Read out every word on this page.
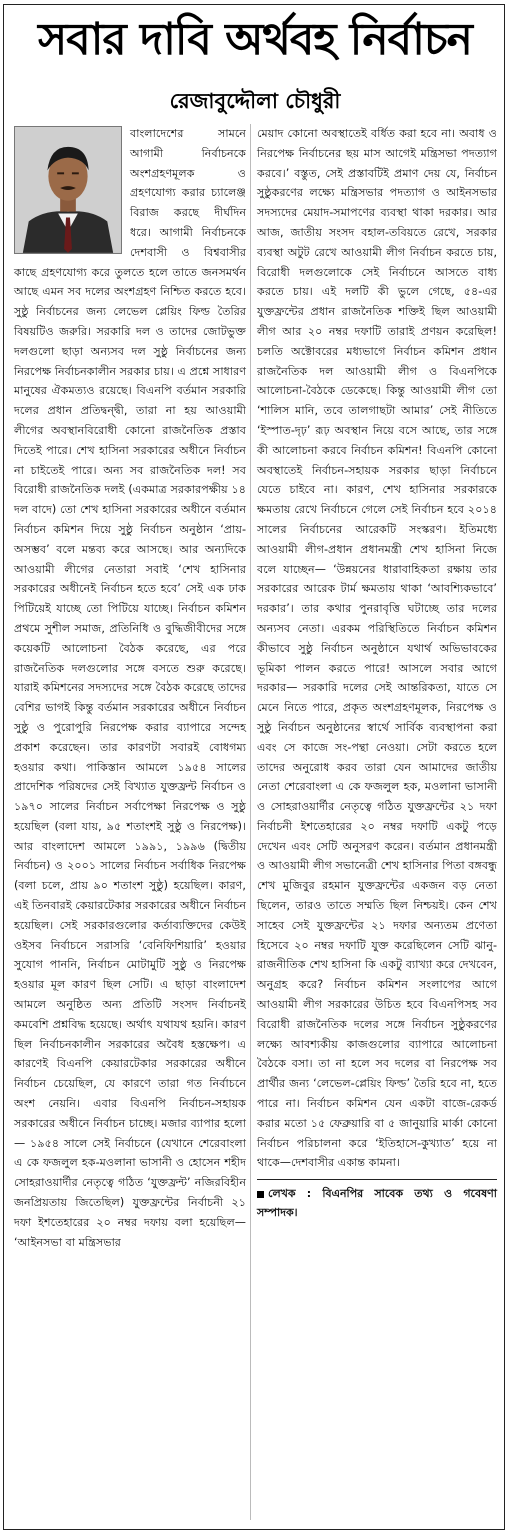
সবার দাবি অর্থবহ নির্বাচন
রেজাবুদ্দৌলা চৌধুরী

বাংলাদেশের সামনে আগামী নির্বাচনকে অংশগ্রহণমূলক ও গ্রহণযোগ্য করার চ্যালেঞ্জ বিরাজ করছে দীর্ঘদিন ধরে। আগামী নির্বাচনকে দেশবাসী ও বিশ্ববাসীর কাছে গ্রহণযোগ্য করে তুলতে হলে তাতে জনসমর্থন আছে এমন সব দলের অংশগ্রহণ নিশ্চিত করতে হবে। সুষ্ঠু নির্বাচনের জন্য লেভেল প্লেয়িং ফিল্ড তৈরির বিষয়টিও জরুরি। সরকারি দল ও তাদের জোটভুক্ত দলগুলো ছাড়া অন্যসব দল সুষ্ঠু নির্বাচনের জন্য নিরপেক্ষ নির্বাচনকালীন সরকার চায়। এ প্রশ্নে সাধারণ মানুষের ঐকমত্যও রয়েছে। বিএনপি বর্তমান সরকারি দলের প্রধান প্রতিদ্বন্দ্বী, তারা না হয় আওয়ামী লীগের অবস্থানবিরোধী কোনো রাজনৈতিক প্রস্তাব দিতেই পারে। শেখ হাসিনা সরকারের অধীনে নির্বাচন না চাইতেই পারে। অন্য সব রাজনৈতিক দল! সব বিরোধী রাজনৈতিক দলই (একমাত্র সরকারপক্ষীয় ১৪ দল বাদে) তো শেখ হাসিনা সরকারের অধীনে বর্তমান নির্বাচন কমিশন দিয়ে সুষ্ঠু নির্বাচন অনুষ্ঠান ‘প্রায়-অসম্ভব’ বলে মন্তব্য করে আসছে। আর অন্যদিকে আওয়ামী লীগের নেতারা সবাই ‘শেখ হাসিনার সরকারের অধীনেই নির্বাচন হতে হবে’ সেই এক ঢাক পিটিয়েই যাচ্ছে তো পিটিয়ে যাচ্ছে। নির্বাচন কমিশন প্রথমে সুশীল সমাজ, প্রতিনিধি ও বুদ্ধিজীবীদের সঙ্গে কয়েকটি আলোচনা বৈঠক করেছে, এর পরে রাজনৈতিক দলগুলোর সঙ্গে বসতে শুরু করেছে। যারাই কমিশনের সদস্যদের সঙ্গে বৈঠক করেছে তাদের বেশির ভাগই কিন্তু বর্তমান সরকারের অধীনে নির্বাচন সুষ্ঠু ও পুরোপুরি নিরপেক্ষ করার ব্যাপারে সন্দেহ প্রকাশ করেছেন। তার কারণটা সবারই বোধগম্য হওয়ার কথা। পাকিস্তান আমলে ১৯৫৪ সালের প্রাদেশিক পরিষদের সেই বিখ্যাত যুক্তফ্রন্ট নির্বাচন ও ১৯৭০ সালের নির্বাচন সর্বাপেক্ষা নিরপেক্ষ ও সুষ্ঠু হয়েছিল (বলা যায়, ৯৫ শতাংশই সুষ্ঠু ও নিরপেক্ষ)। আর বাংলাদেশ আমলে ১৯৯১, ১৯৯৬ (দ্বিতীয় নির্বাচন) ও ২০০১ সালের নির্বাচন সর্বাধিক নিরপেক্ষ (বলা চলে, প্রায় ৯০ শতাংশ সুষ্ঠু) হয়েছিল। কারণ, এই তিনবারই কেয়ারটেকার সরকারের অধীনে নির্বাচন হয়েছিল। সেই সরকারগুলোর কর্তাব্যক্তিদের কেউই ওইসব নির্বাচনে সরাসরি ‘বেনিফিশিয়ারি’ হওয়ার সুযোগ পাননি, নির্বাচন মোটামুটি সুষ্ঠু ও নিরপেক্ষ হওয়ার মূল কারণ ছিল সেটি। এ ছাড়া বাংলাদেশ আমলে অনুষ্ঠিত অন্য প্রতিটি সংসদ নির্বাচনই কমবেশি প্রশ্নবিদ্ধ হয়েছে। অর্থাৎ যথাযথ হয়নি। কারণ ছিল নির্বাচনকালীন সরকারের অবৈধ হস্তক্ষেপ। এ কারণেই বিএনপি কেয়ারটেকার সরকারের অধীনে নির্বাচন চেয়েছিল, যে কারণে তারা গত নির্বাচনে অংশ নেয়নি। এবার বিএনপি নির্বাচন-সহায়ক সরকারের অধীনে নির্বাচন চাচ্ছে। মজার ব্যাপার হলো— ১৯৫৪ সালে সেই নির্বাচনে (যেখানে শেরেবাংলা এ কে ফজলুল হক-মওলানা ভাসানী ও হোসেন শহীদ সোহরাওয়ার্দীর নেতৃত্বে গঠিত ‘যুক্তফ্রন্ট’ নজিরবিহীন জনপ্রিয়তায় জিতেছিল) যুক্তফ্রন্টের নির্বাচনী ২১ দফা ইশতেহারের ২০ নম্বর দফায় বলা হয়েছিল— ‘আইনসভা বা মন্ত্রিসভার

মেয়াদ কোনো অবস্থাতেই বর্ধিত করা হবে না। অবাধ ও নিরপেক্ষ নির্বাচনের ছয় মাস আগেই মন্ত্রিসভা পদত্যাগ করবে।’ বস্তুত, সেই প্রস্তাবটিই প্রমাণ দেয় যে, নির্বাচন সুষ্ঠুকরণের লক্ষ্যে মন্ত্রিসভার পদত্যাগ ও আইনসভার সদস্যদের মেয়াদ-সমাপণের ব্যবস্থা থাকা দরকার। আর আজ, জাতীয় সংসদ বহাল-তবিয়তে রেখে, সরকার ব্যবস্থা অটুট রেখে আওয়ামী লীগ নির্বাচন করতে চায়, বিরোধী দলগুলোকে সেই নির্বাচনে আসতে বাধ্য করতে চায়। এই দলটি কী ভুলে গেছে, ৫৪-এর যুক্তফ্রন্টের প্রধান রাজনৈতিক শক্তিই ছিল আওয়ামী লীগ আর ২০ নম্বর দফাটি তারাই প্রণয়ন করেছিল! চলতি অক্টোবরের মধ্যভাগে নির্বাচন কমিশন প্রধান রাজনৈতিক দল আওয়ামী লীগ ও বিএনপিকে আলোচনা-বৈঠকে ডেকেছে। কিন্তু আওয়ামী লীগ তো ‘শালিস মানি, তবে তালগাছটা আমার’ সেই নীতিতে ‘ইস্পাত-দৃঢ়’ রূঢ় অবস্থান নিয়ে বসে আছে, তার সঙ্গে কী আলোচনা করবে নির্বাচন কমিশন! বিএনপি কোনো অবস্থাতেই নির্বাচন-সহায়ক সরকার ছাড়া নির্বাচনে যেতে চাইবে না। কারণ, শেখ হাসিনার সরকারকে ক্ষমতায় রেখে নির্বাচনে গেলে সেই নির্বাচন হবে ২০১৪ সালের নির্বাচনের আরেকটি সংস্করণ। ইতিমধ্যে আওয়ামী লীগ-প্রধান প্রধানমন্ত্রী শেখ হাসিনা নিজে বলে যাচ্ছেন— ‘উন্নয়নের ধারাবাহিকতা রক্ষায় তার সরকারের আরেক টার্ম ক্ষমতায় থাকা ‘আবশ্যিকভাবে’ দরকার’। তার কথার পুনরাবৃত্তি ঘটাচ্ছে তার দলের অন্যসব নেতা। এরকম পরিস্থিতিতে নির্বাচন কমিশন কীভাবে সুষ্ঠু নির্বাচন অনুষ্ঠানে যথার্থ অভিভাবকের ভূমিকা পালন করতে পারে! আসলে সবার আগে দরকার— সরকারি দলের সেই আন্তরিকতা, যাতে সে মেনে নিতে পারে, প্রকৃত অংশগ্রহণমূলক, নিরপেক্ষ ও সুষ্ঠু নির্বাচন অনুষ্ঠানের স্বার্থে সার্বিক ব্যবস্থাপনা করা এবং সে কাজে সং-পন্থা নেওয়া। সেটা করতে হলে তাদের অনুরোধ করব তারা যেন আমাদের জাতীয় নেতা শেরেবাংলা এ কে ফজলুল হক, মওলানা ভাসানী ও সোহরাওয়ার্দীর নেতৃত্বে গঠিত যুক্তফ্রন্টের ২১ দফা নির্বাচনী ইশতেহারের ২০ নম্বর দফাটি একটু পড়ে দেখেন এবং সেটি অনুসরণ করেন। বর্তমান প্রধানমন্ত্রী ও আওয়ামী লীগ সভানেত্রী শেখ হাসিনার পিতা বঙ্গবন্ধু শেখ মুজিবুর রহমান যুক্তফ্রন্টের একজন বড় নেতা ছিলেন, তারও তাতে সম্মতি ছিল নিশ্চয়ই। কেন শেখ সাহেব সেই যুক্তফ্রন্টের ২১ দফার অন্যতম প্রণেতা হিসেবে ২০ নম্বর দফাটি যুক্ত করেছিলেন সেটি ঝানু-রাজনীতিক শেখ হাসিনা কি একটু ব্যাখ্যা করে দেখবেন, অনুগ্রহ করে? নির্বাচন কমিশন সংলাপের আগে আওয়ামী লীগ সরকারের উচিত হবে বিএনপিসহ সব বিরোধী রাজনৈতিক দলের সঙ্গে নির্বাচন সুষ্ঠুকরণের লক্ষ্যে আবশ্যকীয় কাজগুলোর ব্যাপারে আলোচনা বৈঠকে বসা। তা না হলে সব দলের বা নিরপেক্ষ সব প্রার্থীর জন্য ‘লেভেল-প্লেয়িং ফিল্ড’ তৈরি হবে না, হতে পারে না। নির্বাচন কমিশন যেন একটা বাজে-রেকর্ড করার মতো ১৫ ফেব্রুয়ারি বা ৫ জানুয়ারি মার্কা কোনো নির্বাচন পরিচালনা করে ‘ইতিহাসে-কুখ্যাত’ হয়ে না থাকে—দেশবাসীর একান্ত কামনা।

লেখক : বিএনপির সাবেক তথ্য ও গবেষণা সম্পাদক।
